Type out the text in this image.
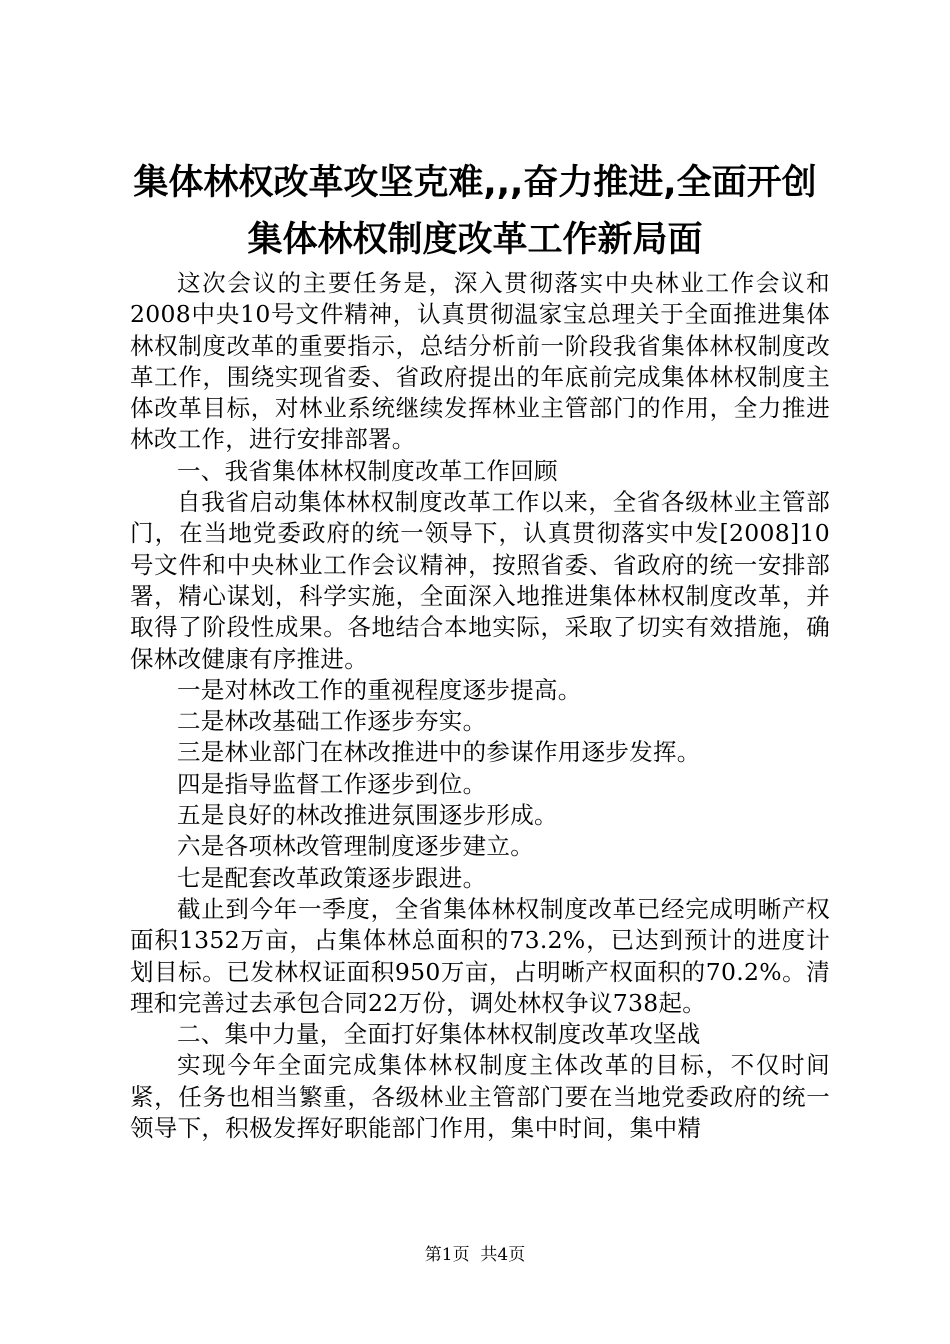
集体林权改革攻坚克难,,,奋力推进,全面开创
集体林权制度改革工作新局面

这次会议的主要任务是，深入贯彻落实中央林业工作会议和2008中央10号文件精神，认真贯彻温家宝总理关于全面推进集体林权制度改革的重要指示，总结分析前一阶段我省集体林权制度改革工作，围绕实现省委、省政府提出的年底前完成集体林权制度主体改革目标，对林业系统继续发挥林业主管部门的作用，全力推进林改工作，进行安排部署。

一、我省集体林权制度改革工作回顾

自我省启动集体林权制度改革工作以来，全省各级林业主管部门，在当地党委政府的统一领导下，认真贯彻落实中发[2008]10号文件和中央林业工作会议精神，按照省委、省政府的统一安排部署，精心谋划，科学实施，全面深入地推进集体林权制度改革，并取得了阶段性成果。各地结合本地实际，采取了切实有效措施，确保林改健康有序推进。

一是对林改工作的重视程度逐步提高。

二是林改基础工作逐步夯实。

三是林业部门在林改推进中的参谋作用逐步发挥。

四是指导监督工作逐步到位。

五是良好的林改推进氛围逐步形成。

六是各项林改管理制度逐步建立。

七是配套改革政策逐步跟进。

截止到今年一季度，全省集体林权制度改革已经完成明晰产权面积1352万亩，占集体林总面积的73.2%，已达到预计的进度计划目标。已发林权证面积950万亩，占明晰产权面积的70.2%。清理和完善过去承包合同22万份，调处林权争议738起。

二、集中力量，全面打好集体林权制度改革攻坚战

实现今年全面完成集体林权制度主体改革的目标，不仅时间紧，任务也相当繁重，各级林业主管部门要在当地党委政府的统一领导下，积极发挥好职能部门作用，集中时间，集中精

第1页 共4页
